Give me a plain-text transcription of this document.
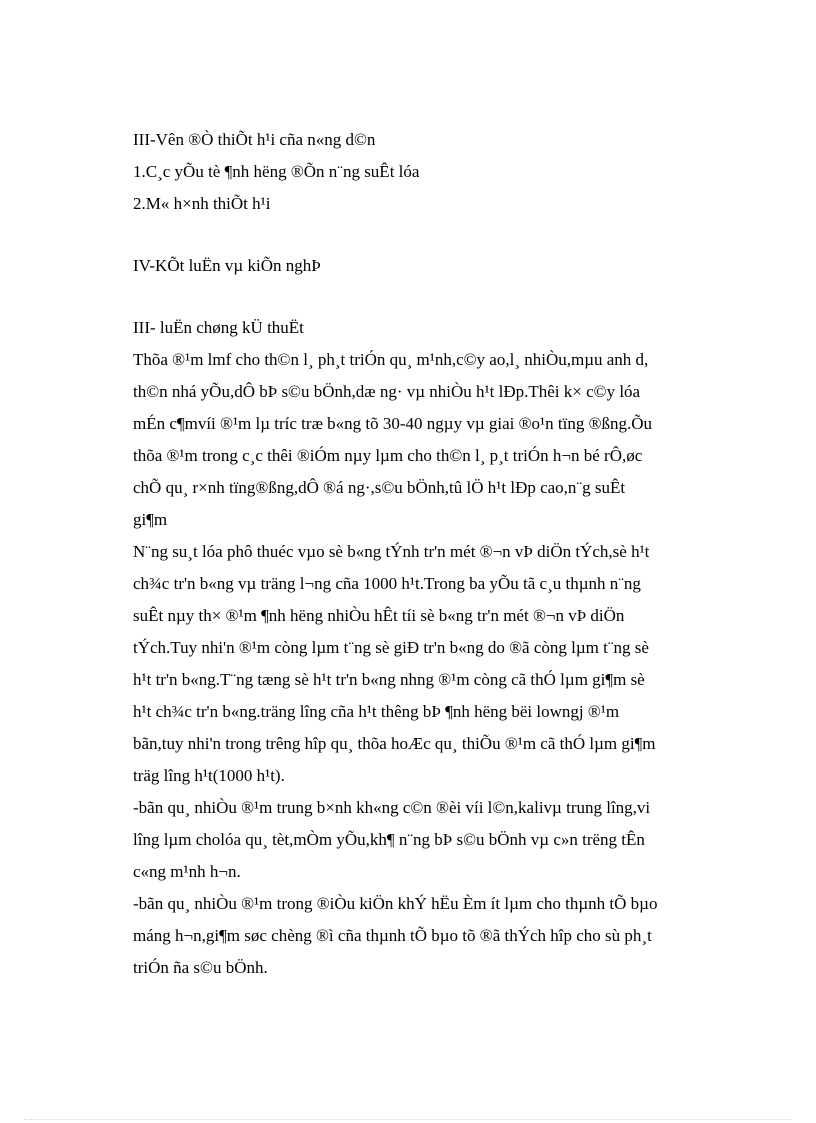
III-Vên ®Ò thiÕt h¹i cña n«ng d©n
1.C¸c yÕu tè ¶nh hëng ®Õn n¨ng suÊt lóa
2.M« h×nh thiÕt h¹i
IV-KÕt luËn vµ kiÕn nghÞ
III- luËn chøng kÜ thuËt
Thõa ®¹m lmf cho th©n l¸ ph¸t triÓn qu¸ m¹nh,c©y ao,l¸ nhiÒu,mµu anh d,
th©n nhá yÕu,dÔ bÞ s©u bÖnh,dæ ng· vµ nhiÒu h¹t lÐp.Thêi k× c©y lóa
mÉn c¶mvíi ®¹m lµ tríc træ b«ng tõ 30-40 ngµy vµ giai ®o¹n tïng ®ßng.Õu
thõa ®¹m trong c¸c thêi ®iÓm nµy lµm cho th©n l¸ p¸t triÓn h¬n bé rÔ,øc
chÕ qu¸ r×nh tïng®ßng,dÔ ®á ng·,s©u bÖnh,tû lÖ h¹t lÐp cao,n¨g suÊt
gi¶m
N¨ng su¸t lóa phô thuéc vµo sè b«ng tÝnh tr'n mét ®¬n vÞ diÖn tÝch,sè h¹t
ch¾c tr'n b«ng vµ träng l¬ng cña 1000 h¹t.Trong ba yÕu tã c¸u thµnh n¨ng
suÊt nµy th× ®¹m ¶nh hëng nhiÒu hÊt tíi sè b«ng tr'n mét ®¬n vÞ diÖn
tÝch.Tuy nhi'n ®¹m còng lµm t¨ng sè giÐ tr'n b«ng do ®ã còng lµm t¨ng sè
h¹t tr'n b«ng.T¨ng tæng sè h¹t tr'n b«ng nhng ®¹m còng cã thÓ lµm gi¶m sè
h¹t ch¾c tr'n b«ng.träng lîng cña h¹t thêng bÞ ¶nh hëng bëi lowngj ®¹m
bãn,tuy nhi'n trong trêng hîp qu¸ thõa hoÆc qu¸ thiÕu ®¹m cã thÓ lµm gi¶m
träg lîng h¹t(1000 h¹t).
-bãn qu¸ nhiÒu ®¹m trung b×nh kh«ng c©n ®èi víi l©n,kalivµ trung lîng,vi
lîng lµm cholóa qu¸ tèt,mÒm yÕu,kh¶ n¨ng bÞ s©u bÖnh vµ c»n trëng tÊn
c«ng m¹nh h¬n.
-bãn qu¸ nhiÒu ®¹m trong ®iÒu kiÖn khÝ hËu Èm ít lµm cho thµnh tÕ bµo
máng h¬n,gi¶m søc chèng ®ì cña thµnh tÕ bµo tõ ®ã thÝch hîp cho sù ph¸t
triÓn ña s©u bÖnh.
